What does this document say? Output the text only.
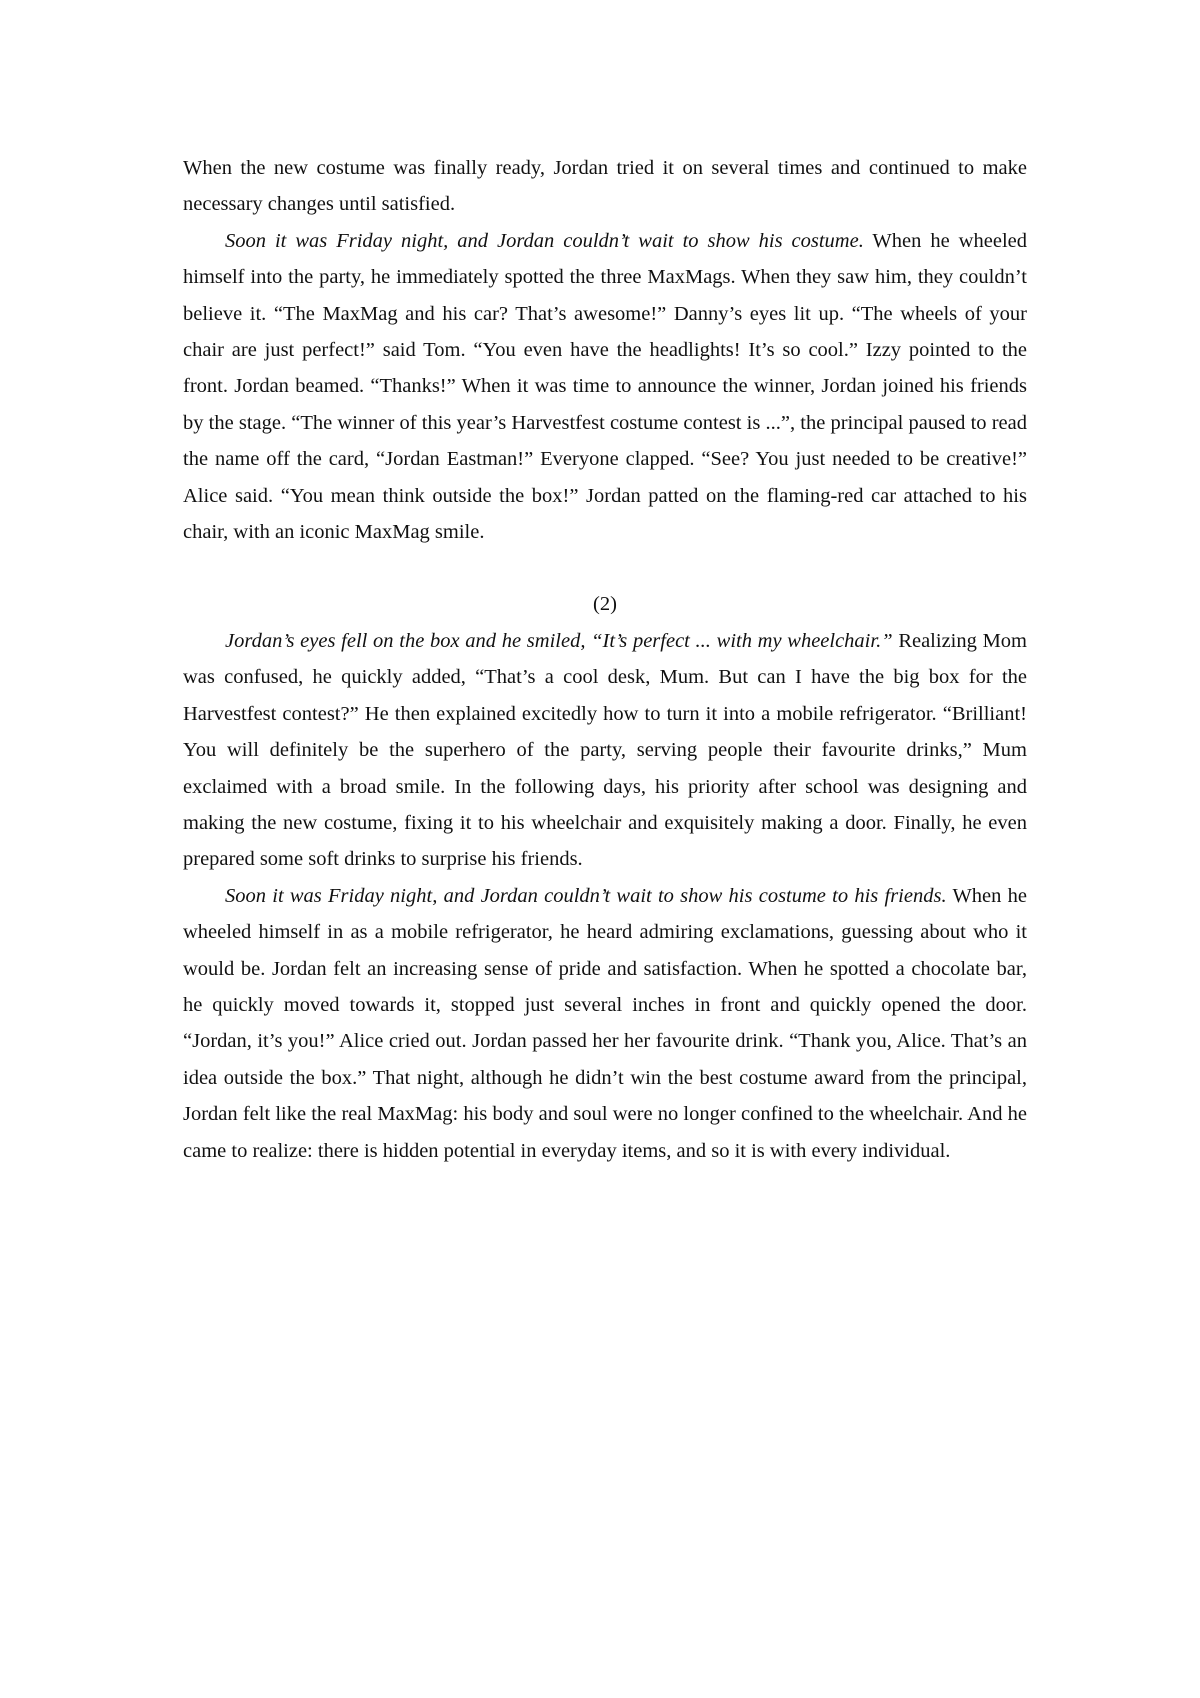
When the new costume was finally ready, Jordan tried it on several times and continued to make necessary changes until satisfied.

Soon it was Friday night, and Jordan couldn’t wait to show his costume. When he wheeled himself into the party, he immediately spotted the three MaxMags. When they saw him, they couldn’t believe it. “The MaxMag and his car? That’s awesome!” Danny’s eyes lit up. “The wheels of your chair are just perfect!” said Tom. “You even have the headlights! It’s so cool.” Izzy pointed to the front. Jordan beamed. “Thanks!” When it was time to announce the winner, Jordan joined his friends by the stage. “The winner of this year’s Harvestfest costume contest is ...”, the principal paused to read the name off the card, “Jordan Eastman!” Everyone clapped. “See? You just needed to be creative!” Alice said. “You mean think outside the box!” Jordan patted on the flaming-red car attached to his chair, with an iconic MaxMag smile.

(2)

Jordan’s eyes fell on the box and he smiled, “It’s perfect ... with my wheelchair.” Realizing Mom was confused, he quickly added, “That’s a cool desk, Mum. But can I have the big box for the Harvestfest contest?” He then explained excitedly how to turn it into a mobile refrigerator. “Brilliant! You will definitely be the superhero of the party, serving people their favourite drinks,” Mum exclaimed with a broad smile. In the following days, his priority after school was designing and making the new costume, fixing it to his wheelchair and exquisitely making a door. Finally, he even prepared some soft drinks to surprise his friends.

Soon it was Friday night, and Jordan couldn’t wait to show his costume to his friends. When he wheeled himself in as a mobile refrigerator, he heard admiring exclamations, guessing about who it would be. Jordan felt an increasing sense of pride and satisfaction. When he spotted a chocolate bar, he quickly moved towards it, stopped just several inches in front and quickly opened the door. “Jordan, it’s you!” Alice cried out. Jordan passed her her favourite drink. “Thank you, Alice. That’s an idea outside the box.” That night, although he didn’t win the best costume award from the principal, Jordan felt like the real MaxMag: his body and soul were no longer confined to the wheelchair. And he came to realize: there is hidden potential in everyday items, and so it is with every individual.
